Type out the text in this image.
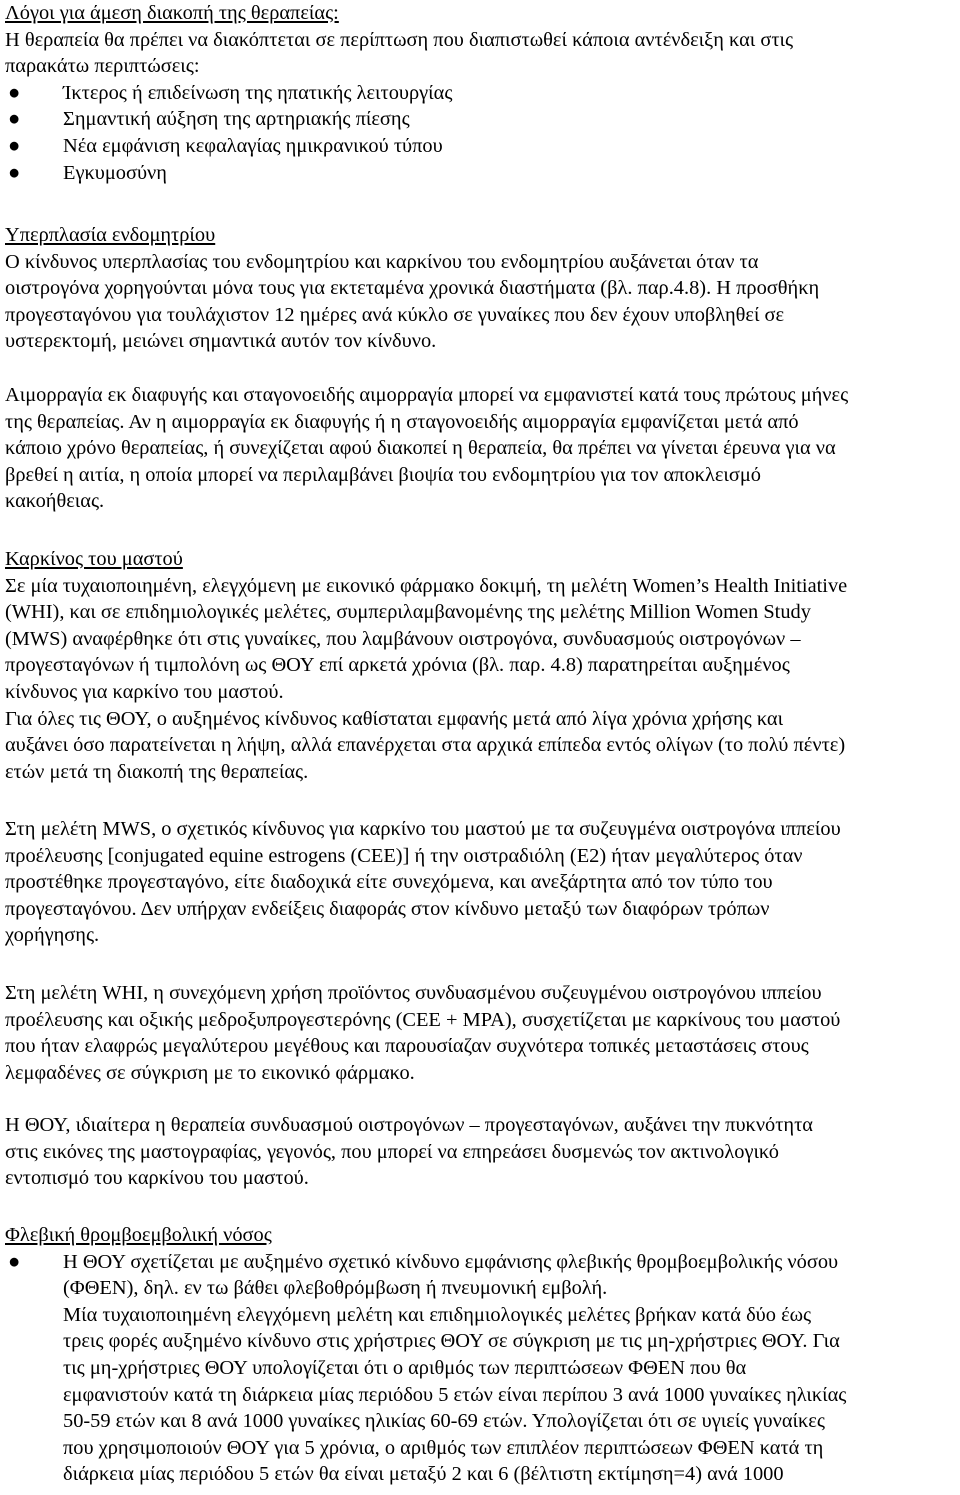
Λόγοι για άμεση διακοπή της θεραπείας:
Η θεραπεία θα πρέπει να διακόπτεται σε περίπτωση που διαπιστωθεί κάποια αντένδειξη και στις
παρακάτω περιπτώσεις:
● Ίκτερος ή επιδείνωση της ηπατικής λειτουργίας
● Σημαντική αύξηση της αρτηριακής πίεσης
● Νέα εμφάνιση κεφαλαγίας ημικρανικού τύπου
● Εγκυμοσύνη
Υπερπλασία ενδομητρίου
Ο κίνδυνος υπερπλασίας του ενδομητρίου και καρκίνου του ενδομητρίου αυξάνεται όταν τα
οιστρογόνα χορηγούνται μόνα τους για εκτεταμένα χρονικά διαστήματα (βλ. παρ.4.8). Η προσθήκη
προγεσταγόνου για τουλάχιστον 12 ημέρες ανά κύκλο σε γυναίκες που δεν έχουν υποβληθεί σε
υστερεκτομή, μειώνει σημαντικά αυτόν τον κίνδυνο.
Αιμορραγία εκ διαφυγής και σταγονοειδής αιμορραγία μπορεί να εμφανιστεί κατά τους πρώτους μήνες
της θεραπείας. Αν η αιμορραγία εκ διαφυγής ή η σταγονοειδής αιμορραγία εμφανίζεται μετά από
κάποιο χρόνο θεραπείας, ή συνεχίζεται αφού διακοπεί η θεραπεία, θα πρέπει να γίνεται έρευνα για να
βρεθεί η αιτία, η οποία μπορεί να περιλαμβάνει βιοψία του ενδομητρίου για τον αποκλεισμό
κακοήθειας.
Καρκίνος του μαστού
Σε μία τυχαιοποιημένη, ελεγχόμενη με εικονικό φάρμακο δοκιμή, τη μελέτη Women’s Health Initiative
(WHI), και σε επιδημιολογικές μελέτες, συμπεριλαμβανομένης της μελέτης Million Women Study
(MWS) αναφέρθηκε ότι στις γυναίκες, που λαμβάνουν οιστρογόνα, συνδυασμούς οιστρογόνων –
προγεσταγόνων ή τιμπολόνη ως ΘΟΥ επί αρκετά χρόνια (βλ. παρ. 4.8) παρατηρείται αυξημένος
κίνδυνος για καρκίνο του μαστού.
Για όλες τις ΘΟΥ, ο αυξημένος κίνδυνος καθίσταται εμφανής μετά από λίγα χρόνια χρήσης και
αυξάνει όσο παρατείνεται η λήψη, αλλά επανέρχεται στα αρχικά επίπεδα εντός ολίγων (το πολύ πέντε)
ετών μετά τη διακοπή της θεραπείας.
Στη μελέτη MWS, ο σχετικός κίνδυνος για καρκίνο του μαστού με τα συζευγμένα οιστρογόνα ιππείου
προέλευσης [conjugated equine estrogens (CEE)] ή την οιστραδιόλη (E2) ήταν μεγαλύτερος όταν
προστέθηκε προγεσταγόνο, είτε διαδοχικά είτε συνεχόμενα, και ανεξάρτητα από τον τύπο του
προγεσταγόνου. Δεν υπήρχαν ενδείξεις διαφοράς στον κίνδυνο μεταξύ των διαφόρων τρόπων
χορήγησης.
Στη μελέτη WHI, η συνεχόμενη χρήση προϊόντος συνδυασμένου συζευγμένου οιστρογόνου ιππείου
προέλευσης και οξικής μεδροξυπρογεστερόνης (CEE + MPA), συσχετίζεται με καρκίνους του μαστού
που ήταν ελαφρώς μεγαλύτερου μεγέθους και παρουσίαζαν συχνότερα τοπικές μεταστάσεις στους
λεμφαδένες σε σύγκριση με το εικονικό φάρμακο.
Η ΘΟΥ, ιδιαίτερα η θεραπεία συνδυασμού οιστρογόνων – προγεσταγόνων, αυξάνει την πυκνότητα
στις εικόνες της μαστογραφίας, γεγονός, που μπορεί να επηρεάσει δυσμενώς τον ακτινολογικό
εντοπισμό του καρκίνου του μαστού.
Φλεβική θρομβοεμβολική νόσος
● Η ΘΟΥ σχετίζεται με αυξημένο σχετικό κίνδυνο εμφάνισης φλεβικής θρομβοεμβολικής νόσου
(ΦΘΕΝ), δηλ. εν τω βάθει φλεβοθρόμβωση ή πνευμονική εμβολή.
Μία τυχαιοποιημένη ελεγχόμενη μελέτη και επιδημιολογικές μελέτες βρήκαν κατά δύο έως
τρεις φορές αυξημένο κίνδυνο στις χρήστριες ΘΟΥ σε σύγκριση με τις μη-χρήστριες ΘΟΥ. Για
τις μη-χρήστριες ΘΟΥ υπολογίζεται ότι ο αριθμός των περιπτώσεων ΦΘΕΝ που θα
εμφανιστούν κατά τη διάρκεια μίας περιόδου 5 ετών είναι περίπου 3 ανά 1000 γυναίκες ηλικίας
50-59 ετών και 8 ανά 1000 γυναίκες ηλικίας 60-69 ετών. Υπολογίζεται ότι σε υγιείς γυναίκες
που χρησιμοποιούν ΘΟΥ για 5 χρόνια, ο αριθμός των επιπλέον περιπτώσεων ΦΘΕΝ κατά τη
διάρκεια μίας περιόδου 5 ετών θα είναι μεταξύ 2 και 6 (βέλτιστη εκτίμηση=4) ανά 1000
